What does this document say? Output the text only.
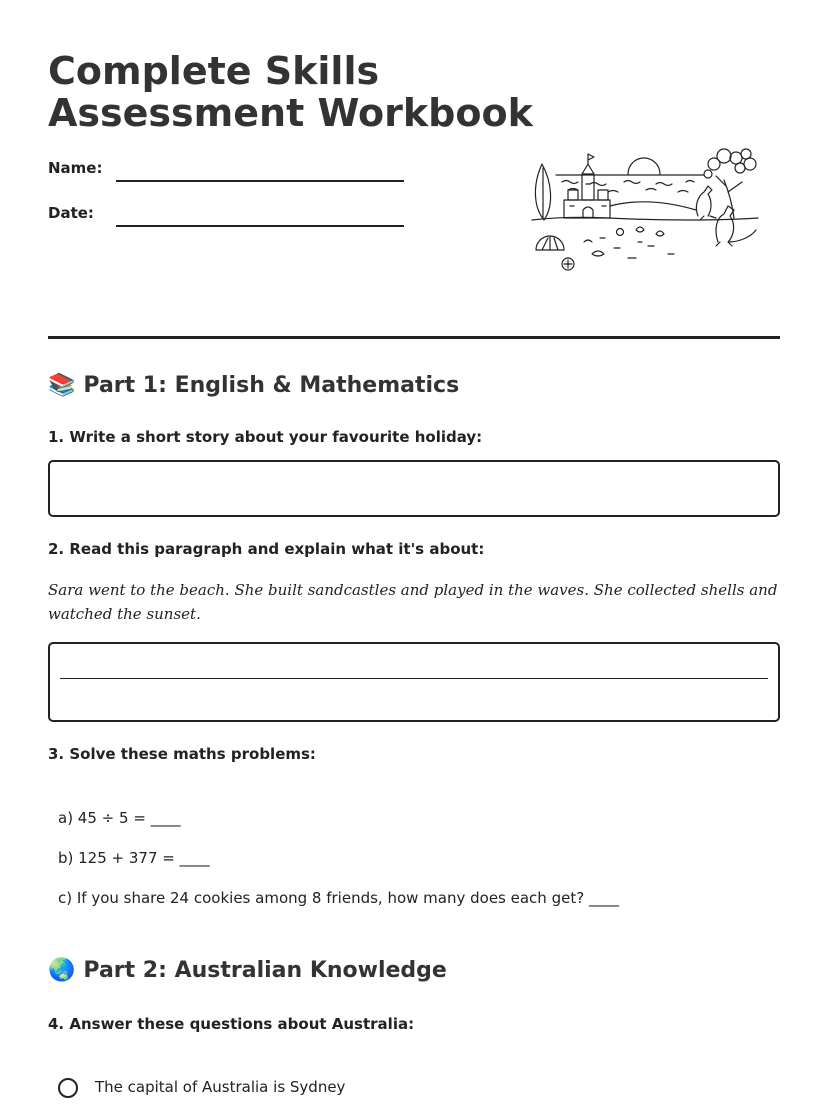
Complete Skills
Assessment Workbook
Name:
Date:
📚 Part 1: English & Mathematics
1. Write a short story about your favourite holiday:
2. Read this paragraph and explain what it's about:

Sara went to the beach. She built sandcastles and played in the waves. She collected shells and watched the sunset.

3. Solve these maths problems:
a) 45 ÷ 5 = ____
b) 125 + 377 = ____
c) If you share 24 cookies among 8 friends, how many does each get? ____
🌏 Part 2: Australian Knowledge
4. Answer these questions about Australia:
The capital of Australia is Sydney
